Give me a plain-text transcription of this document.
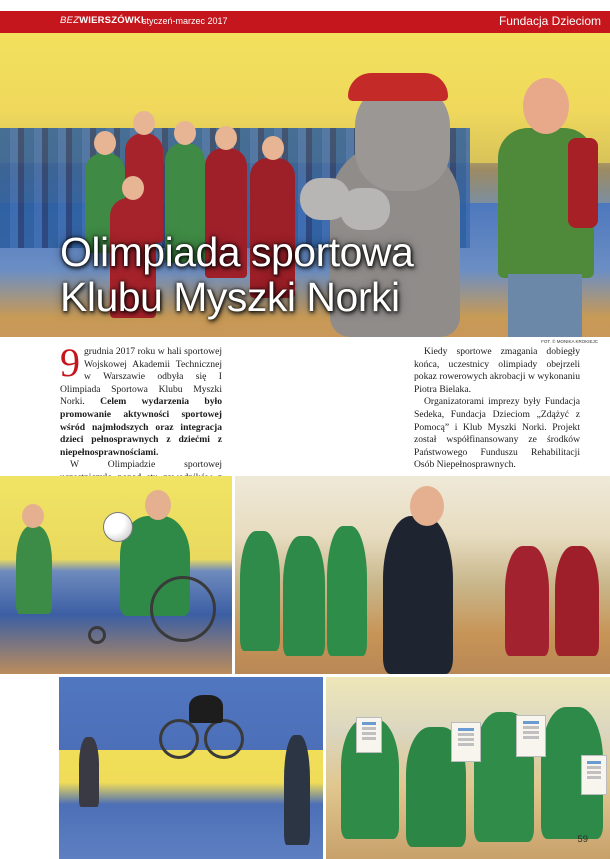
BEZWIERSZÓWKI
styczeń-marzec 2017	Fundacja Dzieciom
Olimpiada sportowa
Klubu Myszki Norki
FOT. © MONIKA KROKIEJC

9 grudnia 2017 roku w hali sportowej Wojskowej Akademii Technicznej w Warszawie odbyła się I Olimpiada Sportowa Klubu Myszki Norki. Celem wydarzenia było promowanie aktywności sportowej wśród najmłodszych oraz integracja dzieci pełnosprawnych z dziećmi z niepełnosprawnościami.

W Olimpiadzie sportowej

Kiedy sportowe zmagania dobiegły końca, uczestnicy olimpiady obejrzeli pokaz rowerowych akrobacji w wykonaniu Piotra Bielaka.

Organizatorami imprezy były Fundacja Sedeka, Fundacja Dzieciom „Zdążyć z Pomocą” i Klub Myszki Norki. Projekt został współfinansowany ze środków Państwowego Funduszu Rehabilitacji Osób Niepełnosprawnych.

59
